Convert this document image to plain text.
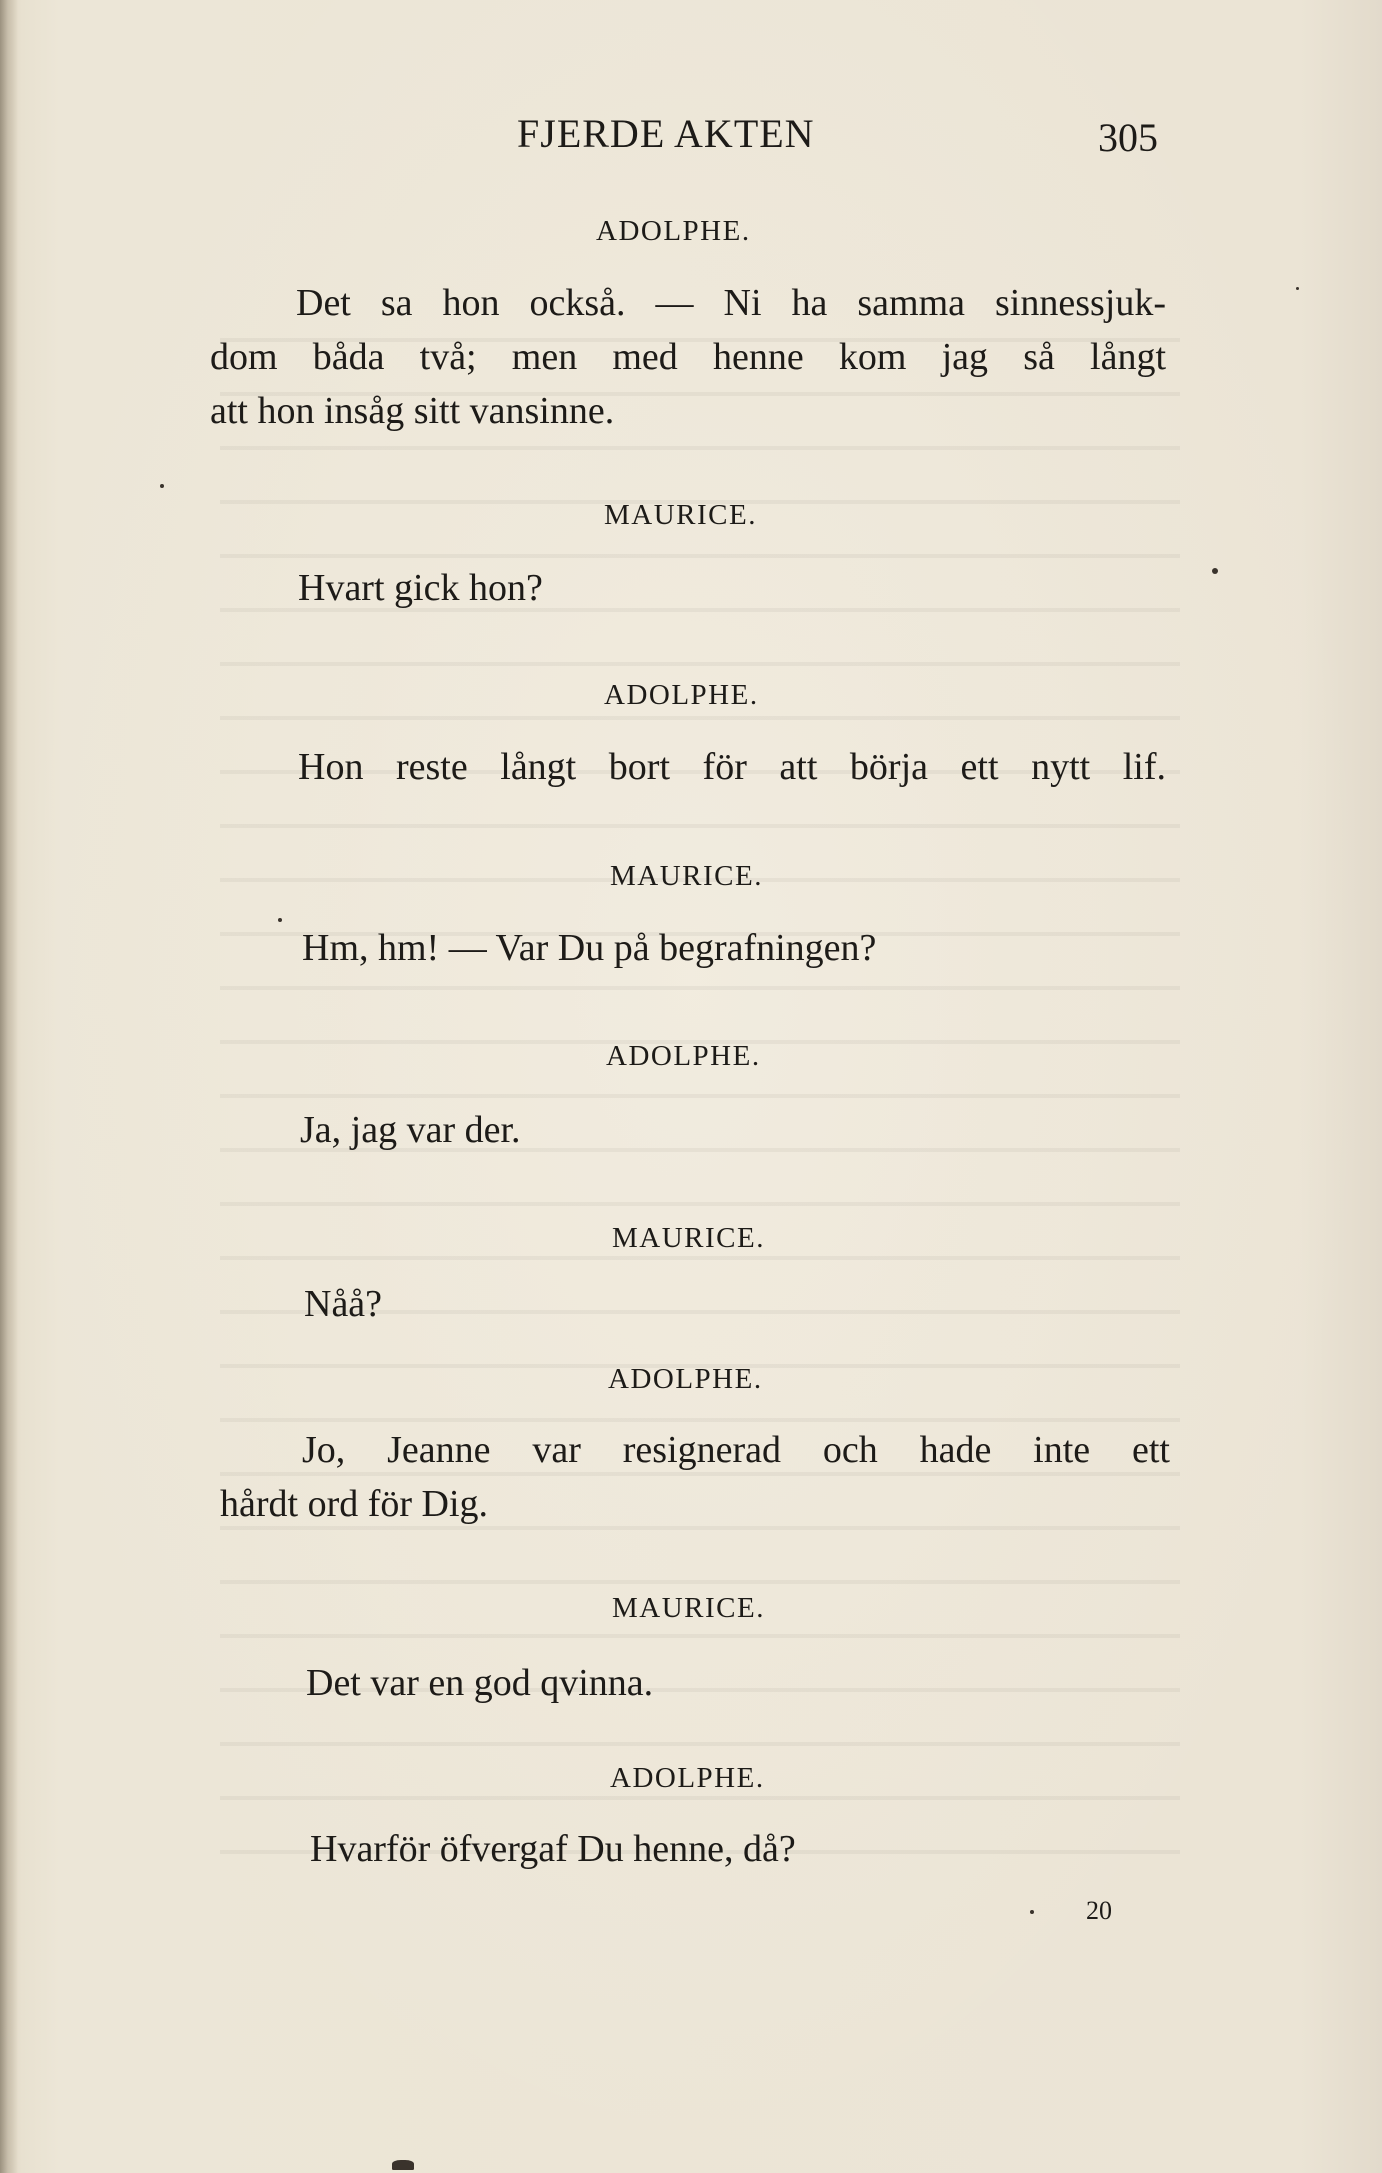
FJERDE AKTEN	305
ADOLPHE.
Det sa hon också. — Ni ha samma sinnessjuk-
dom båda två; men med henne kom jag så långt
att hon insåg sitt vansinne.
MAURICE.
Hvart gick hon?
ADOLPHE.
Hon reste långt bort för att börja ett nytt lif.
MAURICE.
Hm, hm! — Var Du på begrafningen?
ADOLPHE.
Ja, jag var der.
MAURICE.
Nåå?
ADOLPHE.
Jo, Jeanne var resignerad och hade inte ett
hårdt ord för Dig.
MAURICE.
Det var en god qvinna.
ADOLPHE.
Hvarför öfvergaf Du henne, då?
20
